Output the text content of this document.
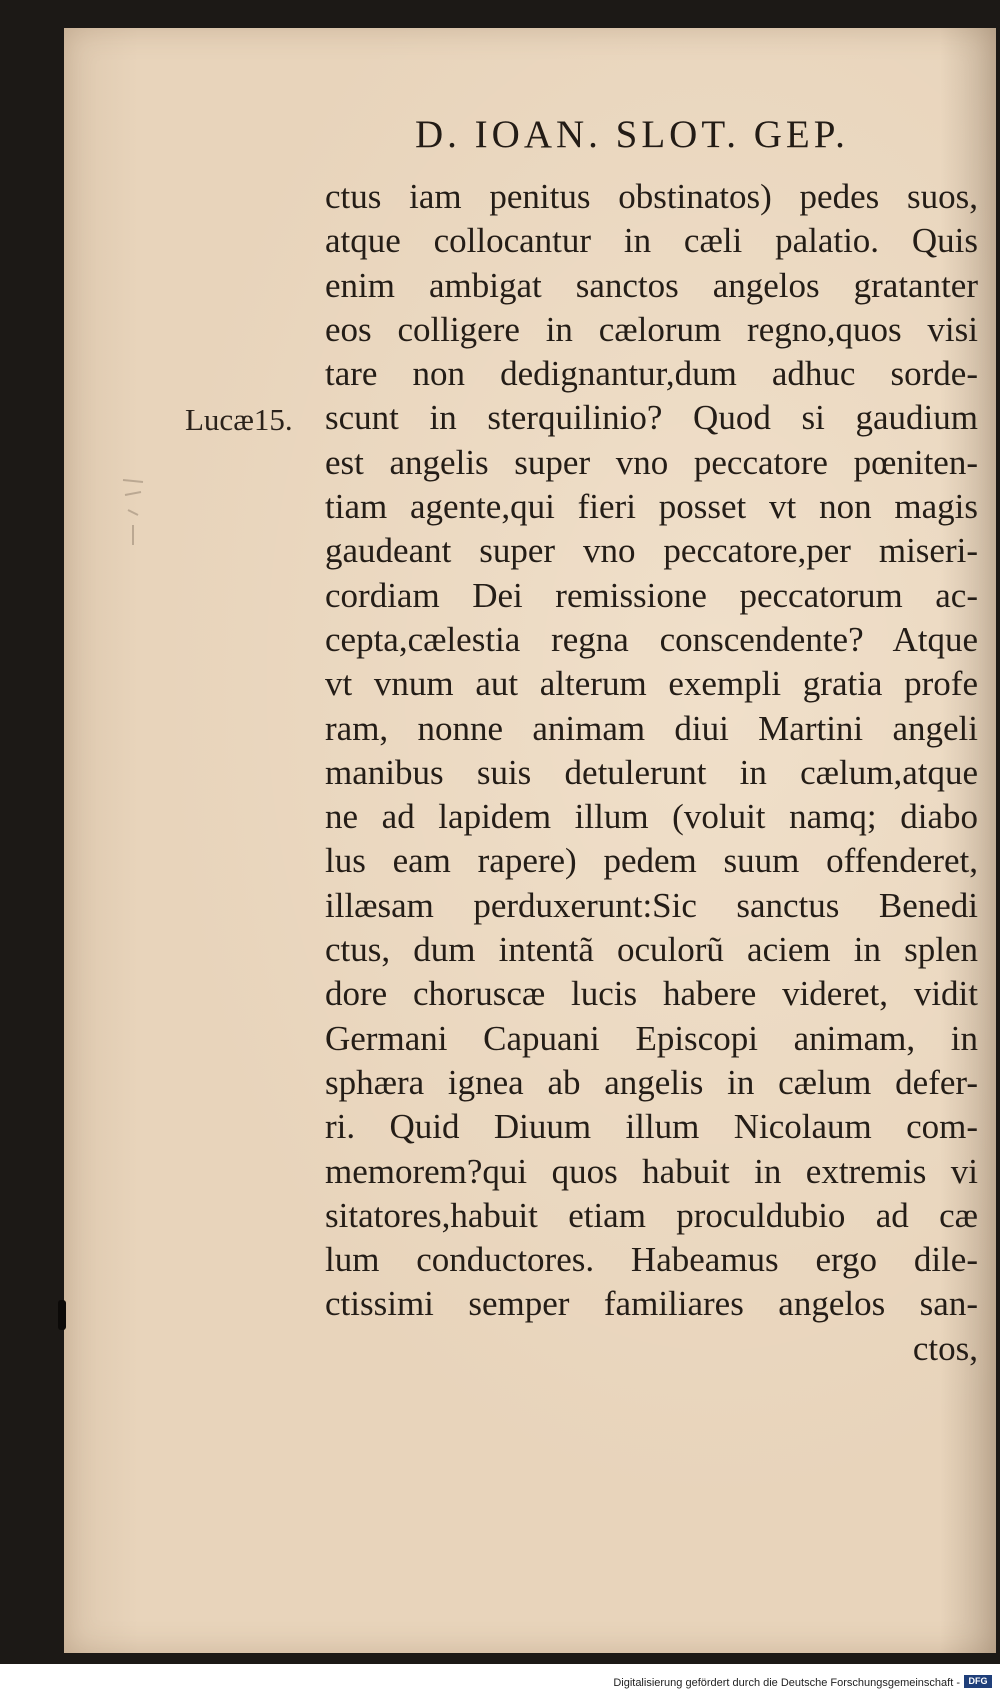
D. IOAN. SLOT. GEP.
Lucæ15.
ctus iam penitus obstinatos) pedes suos,
atque collocantur in cæli palatio. Quis
enim ambigat sanctos angelos gratanter
eos colligere in cælorum regno,quos visi
tare non dedignantur,dum adhuc sorde-
scunt in sterquilinio? Quod si gaudium
est angelis super vno peccatore pœniten-
tiam agente,qui fieri posset vt non magis
gaudeant super vno peccatore,per miseri-
cordiam Dei remissione peccatorum ac-
cepta,cælestia regna conscendente? Atque
vt vnum aut alterum exempli gratia profe
ram, nonne animam diui Martini angeli
manibus suis detulerunt in cælum,atque
ne ad lapidem illum (voluit namq; diabo
lus eam rapere) pedem suum offenderet,
illæsam perduxerunt:Sic sanctus Benedi
ctus, dum intentã oculorũ aciem in splen
dore choruscæ lucis habere videret, vidit
Germani Capuani Episcopi animam, in
sphæra ignea ab angelis in cælum defer-
ri. Quid Diuum illum Nicolaum com-
memorem?qui quos habuit in extremis vi
sitatores,habuit etiam proculdubio ad cæ
lum conductores. Habeamus ergo dile-
ctissimi semper familiares angelos san-
ctos,
Digitalisierung gefördert durch die Deutsche Forschungsgemeinschaft - DFG
